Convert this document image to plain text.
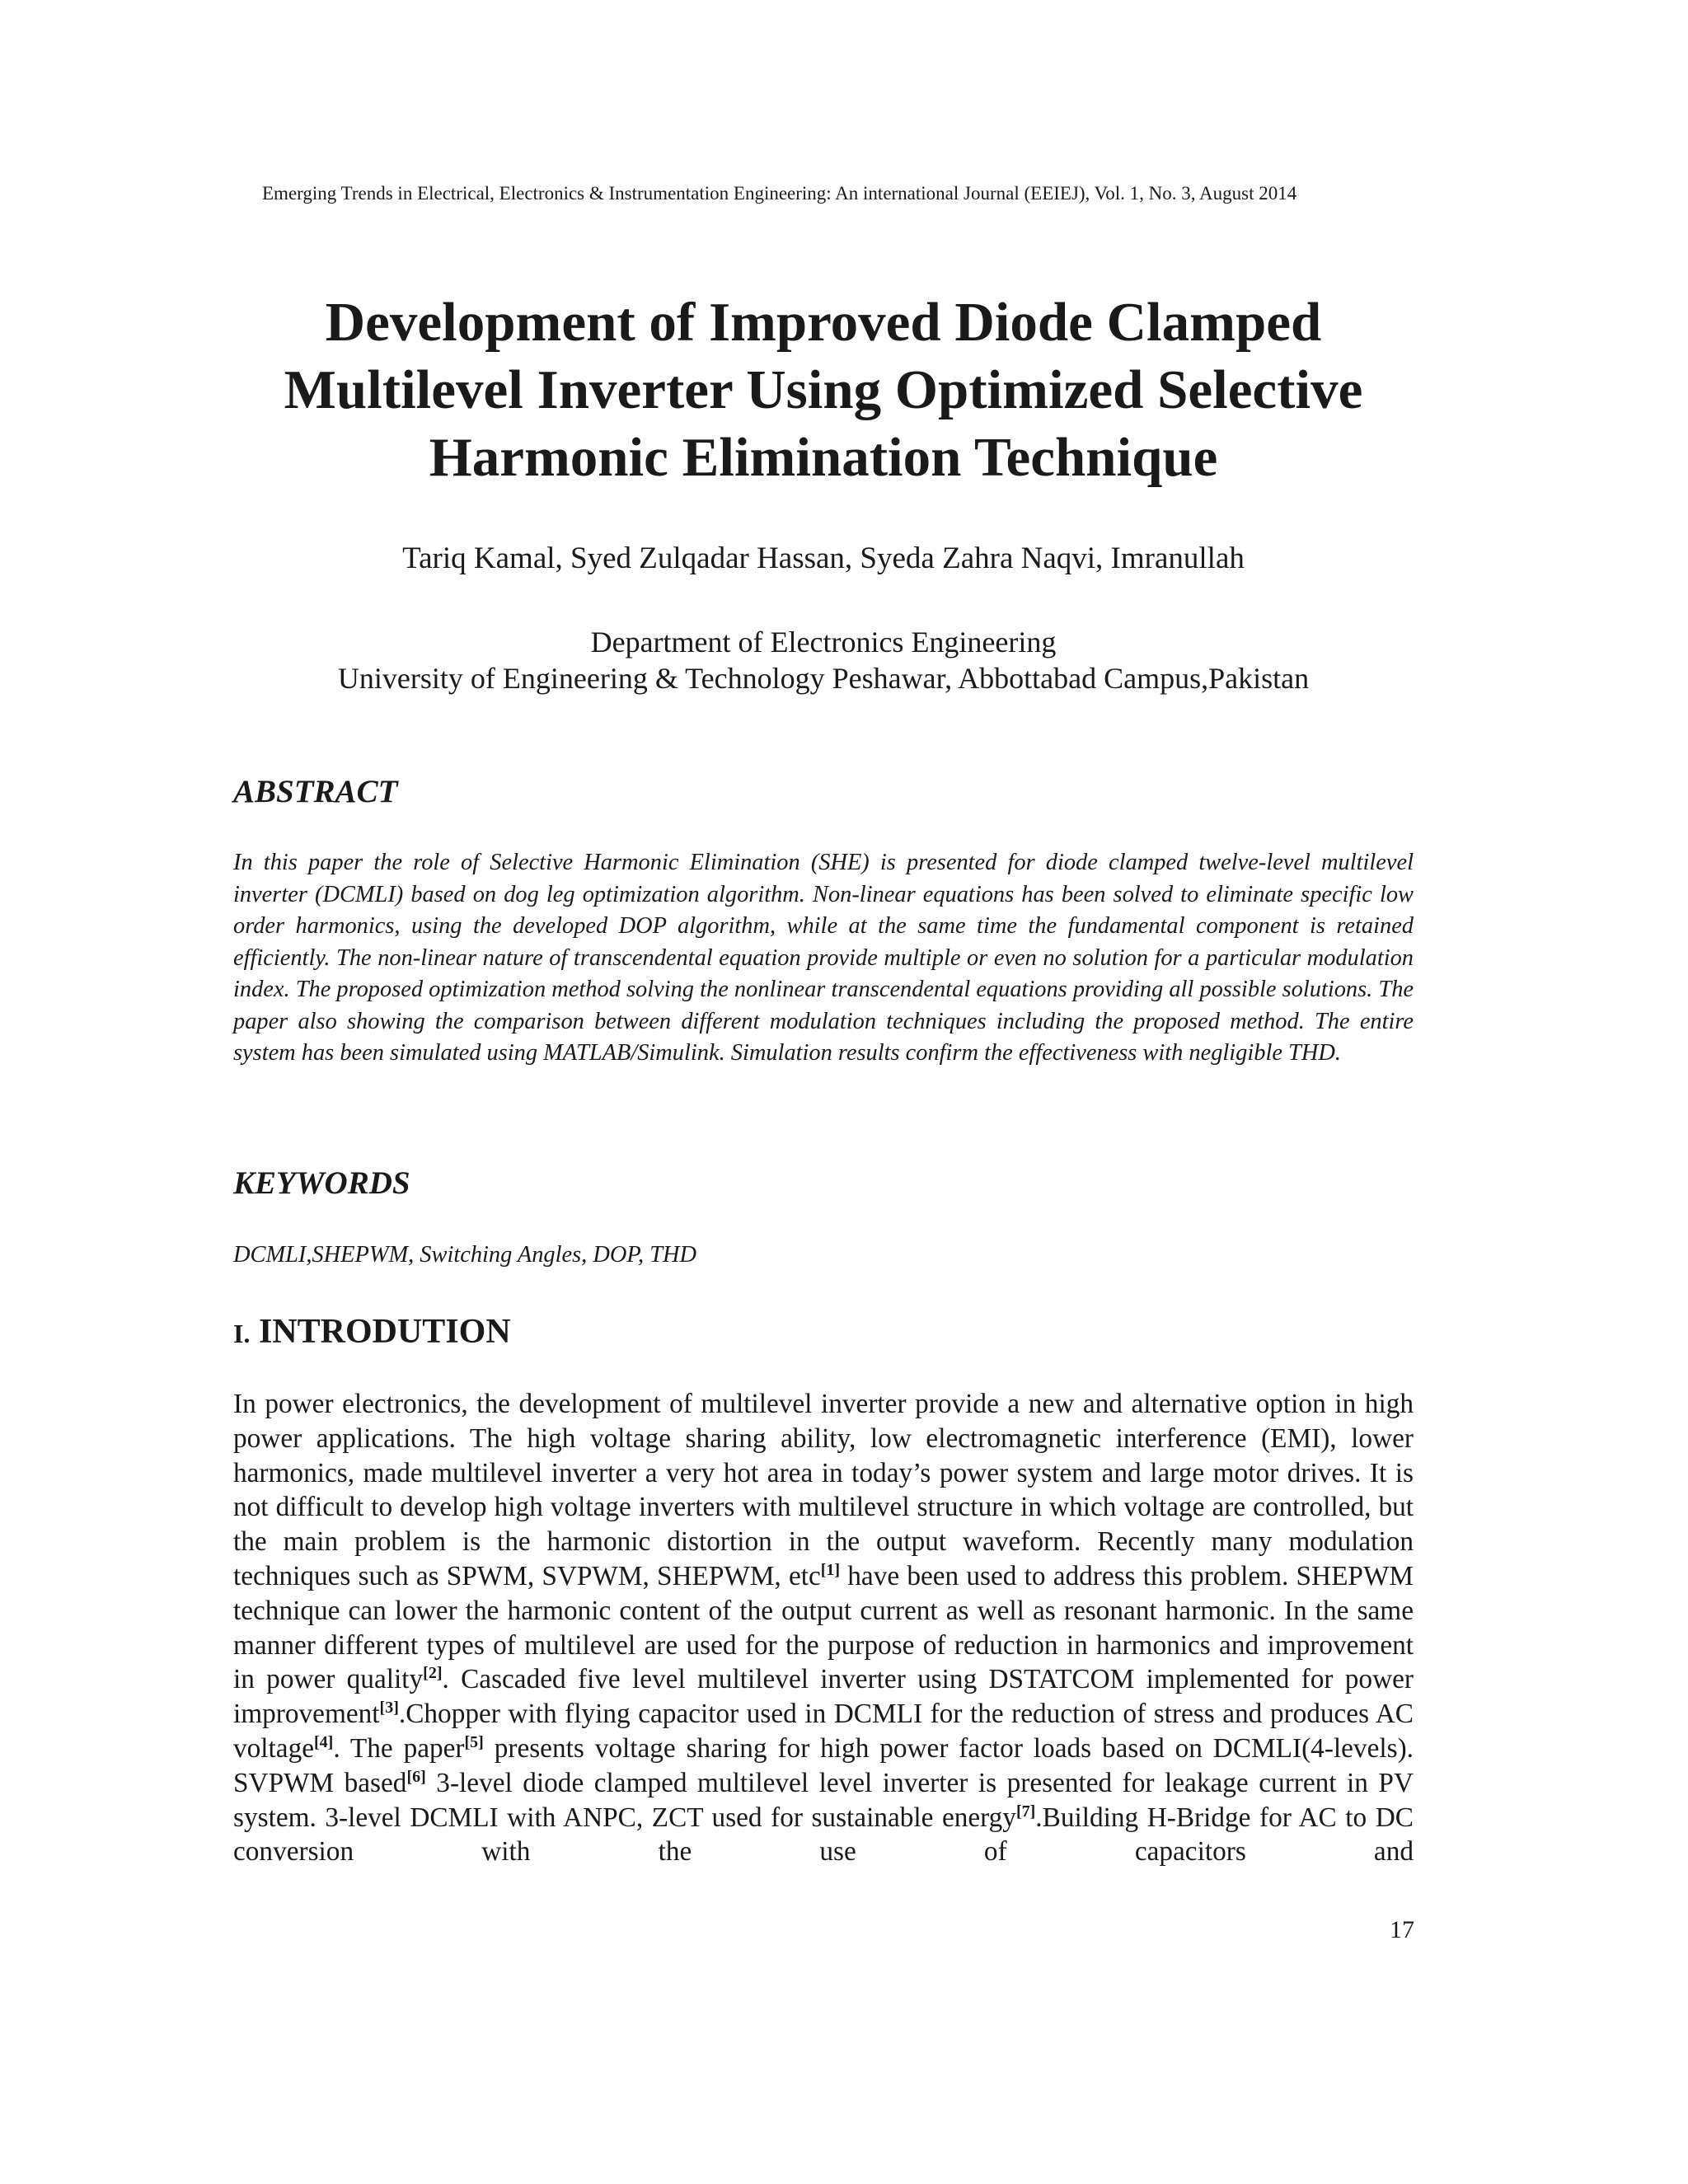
Emerging Trends in Electrical, Electronics & Instrumentation Engineering: An international Journal (EEIEJ), Vol. 1, No. 3, August 2014
Development of Improved Diode Clamped
Multilevel Inverter Using Optimized Selective
Harmonic Elimination Technique
Tariq Kamal, Syed Zulqadar Hassan, Syeda Zahra Naqvi, Imranullah
Department of Electronics Engineering
University of Engineering & Technology Peshawar, Abbottabad Campus,Pakistan
ABSTRACT
In this paper the role of Selective Harmonic Elimination (SHE) is presented for diode clamped twelve-level multilevel inverter (DCMLI) based on dog leg optimization algorithm. Non-linear equations has been solved to eliminate specific low order harmonics, using the developed DOP algorithm, while at the same time the fundamental component is retained efficiently. The non-linear nature of transcendental equation provide multiple or even no solution for a particular modulation index. The proposed optimization method solving the nonlinear transcendental equations providing all possible solutions. The paper also showing the comparison between different modulation techniques including the proposed method. The entire system has been simulated using MATLAB/Simulink. Simulation results confirm the effectiveness with negligible THD.
KEYWORDS
DCMLI,SHEPWM, Switching Angles, DOP, THD
I. INTRODUTION
In power electronics, the development of multilevel inverter provide a new and alternative option in high power applications. The high voltage sharing ability, low electromagnetic interference (EMI), lower harmonics, made multilevel inverter a very hot area in today’s power system and large motor drives. It is not difficult to develop high voltage inverters with multilevel structure in which voltage are controlled, but the main problem is the harmonic distortion in the output waveform. Recently many modulation techniques such as SPWM, SVPWM, SHEPWM, etc[1] have been used to address this problem. SHEPWM technique can lower the harmonic content of the output current as well as resonant harmonic. In the same manner different types of multilevel are used for the purpose of reduction in harmonics and improvement in power quality[2]. Cascaded five level multilevel inverter using DSTATCOM implemented for power improvement[3].Chopper with flying capacitor used in DCMLI for the reduction of stress and produces AC voltage[4]. The paper[5] presents voltage sharing for high power factor loads based on DCMLI(4-levels). SVPWM based[6] 3-level diode clamped multilevel level inverter is presented for leakage current in PV system. 3-level DCMLI with ANPC, ZCT used for sustainable energy[7].Building H-Bridge for AC to DC conversion with the use of capacitors and
17
